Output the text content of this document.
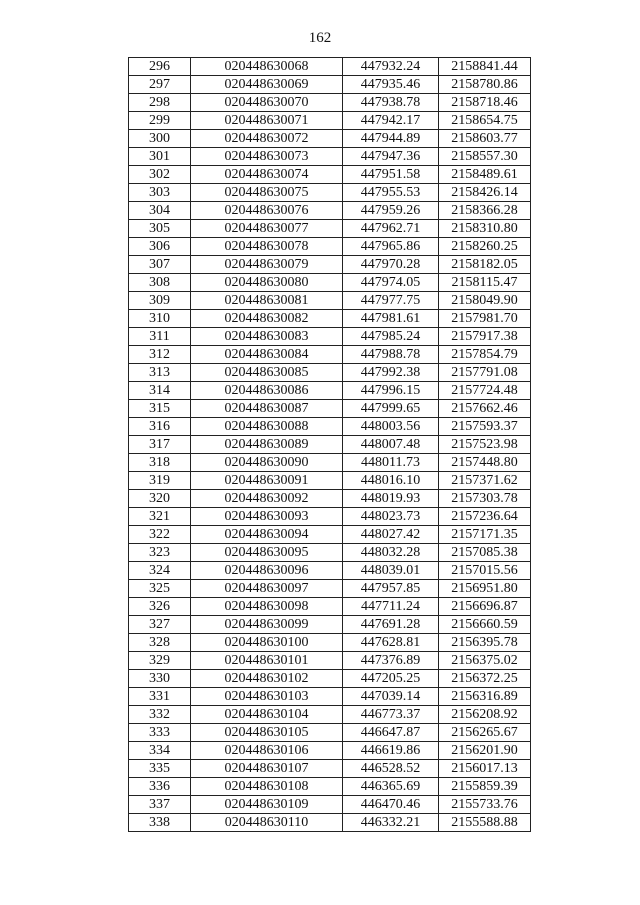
162
296	020448630068	447932.24	2158841.44
297	020448630069	447935.46	2158780.86
298	020448630070	447938.78	2158718.46
299	020448630071	447942.17	2158654.75
300	020448630072	447944.89	2158603.77
301	020448630073	447947.36	2158557.30
302	020448630074	447951.58	2158489.61
303	020448630075	447955.53	2158426.14
304	020448630076	447959.26	2158366.28
305	020448630077	447962.71	2158310.80
306	020448630078	447965.86	2158260.25
307	020448630079	447970.28	2158182.05
308	020448630080	447974.05	2158115.47
309	020448630081	447977.75	2158049.90
310	020448630082	447981.61	2157981.70
311	020448630083	447985.24	2157917.38
312	020448630084	447988.78	2157854.79
313	020448630085	447992.38	2157791.08
314	020448630086	447996.15	2157724.48
315	020448630087	447999.65	2157662.46
316	020448630088	448003.56	2157593.37
317	020448630089	448007.48	2157523.98
318	020448630090	448011.73	2157448.80
319	020448630091	448016.10	2157371.62
320	020448630092	448019.93	2157303.78
321	020448630093	448023.73	2157236.64
322	020448630094	448027.42	2157171.35
323	020448630095	448032.28	2157085.38
324	020448630096	448039.01	2157015.56
325	020448630097	447957.85	2156951.80
326	020448630098	447711.24	2156696.87
327	020448630099	447691.28	2156660.59
328	020448630100	447628.81	2156395.78
329	020448630101	447376.89	2156375.02
330	020448630102	447205.25	2156372.25
331	020448630103	447039.14	2156316.89
332	020448630104	446773.37	2156208.92
333	020448630105	446647.87	2156265.67
334	020448630106	446619.86	2156201.90
335	020448630107	446528.52	2156017.13
336	020448630108	446365.69	2155859.39
337	020448630109	446470.46	2155733.76
338	020448630110	446332.21	2155588.88
